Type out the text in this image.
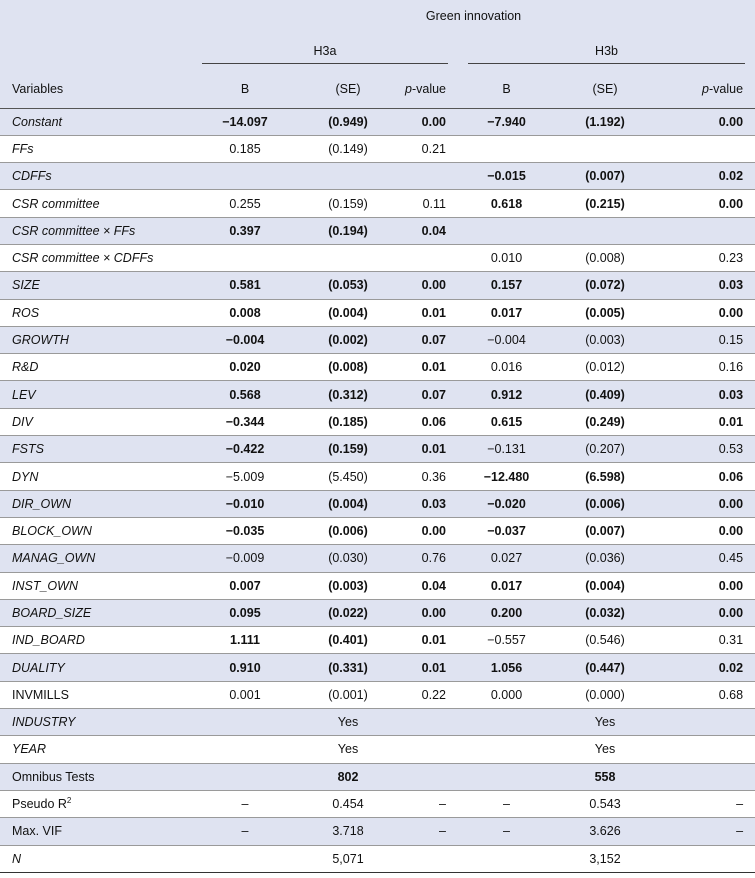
	Green innovation					
	H3a			H3b		

Variables	B	(SE)	p-value	B	(SE)	p-value
Constant	−14.097	(0.949)	0.00	−7.940	(1.192)	0.00
FFs	0.185	(0.149)	0.21			
CDFFs				−0.015	(0.007)	0.02
CSR committee	0.255	(0.159)	0.11	0.618	(0.215)	0.00
CSR committee × FFs	0.397	(0.194)	0.04			
CSR committee × CDFFs				0.010	(0.008)	0.23
SIZE	0.581	(0.053)	0.00	0.157	(0.072)	0.03
ROS	0.008	(0.004)	0.01	0.017	(0.005)	0.00
GROWTH	−0.004	(0.002)	0.07	−0.004	(0.003)	0.15
R&D	0.020	(0.008)	0.01	0.016	(0.012)	0.16
LEV	0.568	(0.312)	0.07	0.912	(0.409)	0.03
DIV	−0.344	(0.185)	0.06	0.615	(0.249)	0.01
FSTS	−0.422	(0.159)	0.01	−0.131	(0.207)	0.53
DYN	−5.009	(5.450)	0.36	−12.480	(6.598)	0.06
DIR_OWN	−0.010	(0.004)	0.03	−0.020	(0.006)	0.00
BLOCK_OWN	−0.035	(0.006)	0.00	−0.037	(0.007)	0.00
MANAG_OWN	−0.009	(0.030)	0.76	0.027	(0.036)	0.45
INST_OWN	0.007	(0.003)	0.04	0.017	(0.004)	0.00
BOARD_SIZE	0.095	(0.022)	0.00	0.200	(0.032)	0.00
IND_BOARD	1.111	(0.401)	0.01	−0.557	(0.546)	0.31
DUALITY	0.910	(0.331)	0.01	1.056	(0.447)	0.02
INVMILLS	0.001	(0.001)	0.22	0.000	(0.000)	0.68
INDUSTRY		Yes			Yes	
YEAR		Yes			Yes	
Omnibus Tests		802			558	
Pseudo $R^2$	–	0.454	–	–	0.543	–
Max. VIF	–	3.718	–	–	3.626	–
N		5,071			3,152	
